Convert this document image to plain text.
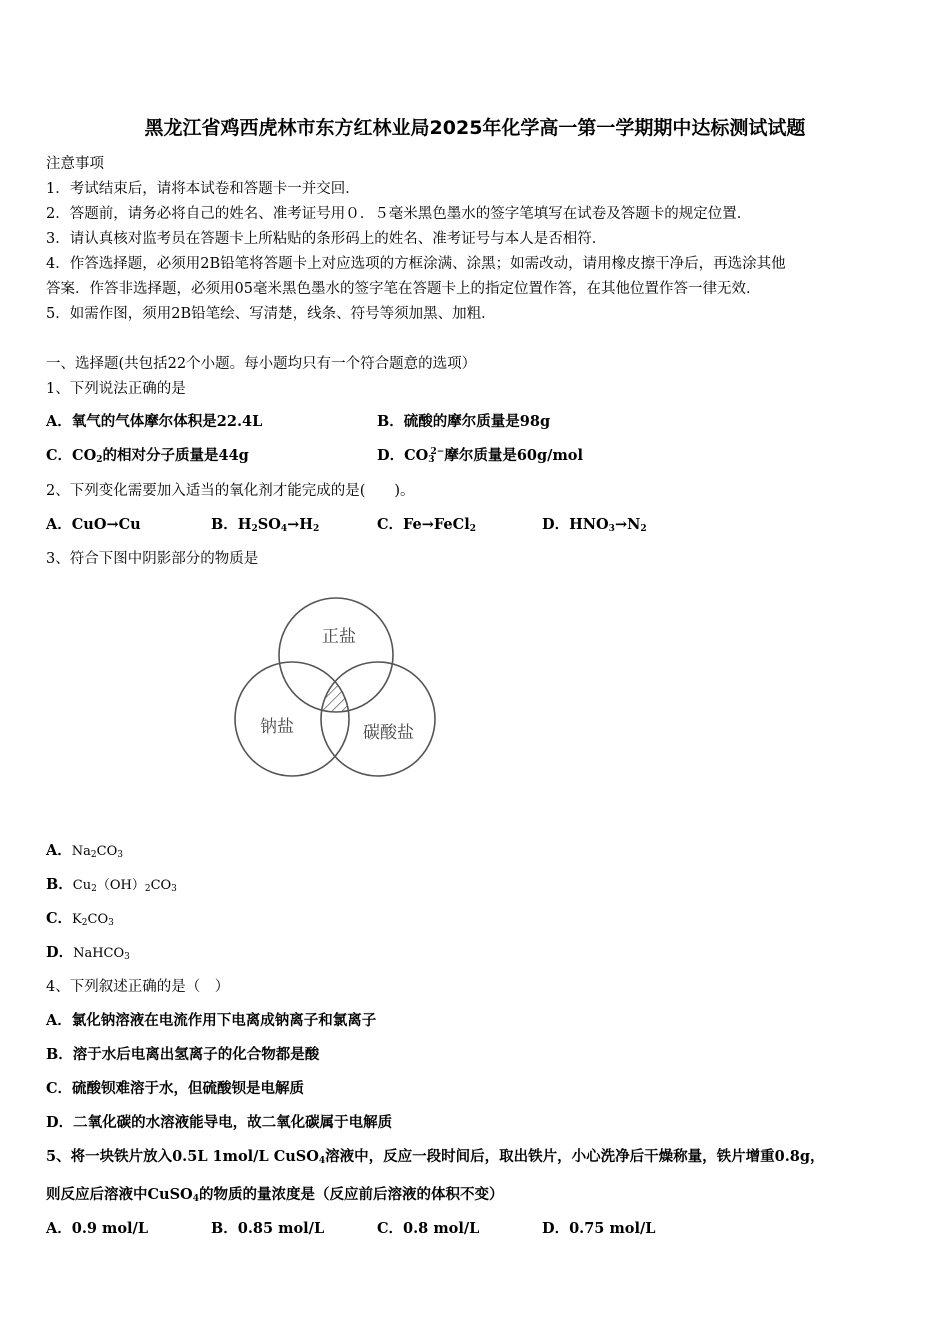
黑龙江省鸡西虎林市东方红林业局2025年化学高一第一学期期中达标测试试题
注意事项
1．考试结束后，请将本试卷和答题卡一并交回．
2．答题前，请务必将自己的姓名、准考证号用０．５毫米黑色墨水的签字笔填写在试卷及答题卡的规定位置．
3．请认真核对监考员在答题卡上所粘贴的条形码上的姓名、准考证号与本人是否相符．
4．作答选择题，必须用2B铅笔将答题卡上对应选项的方框涂满、涂黑；如需改动，请用橡皮擦干净后，再选涂其他
答案．作答非选择题，必须用05毫米黑色墨水的签字笔在答题卡上的指定位置作答，在其他位置作答一律无效．
5．如需作图，须用2B铅笔绘、写清楚，线条、符号等须加黑、加粗．
一、选择题(共包括22个小题。每小题均只有一个符合题意的选项）
1、下列说法正确的是
A．氧气的气体摩尔体积是22.4L	B．硫酸的摩尔质量是98g
C．$CO_2$的相对分子质量是44g	D．$CO_3^{2-}$摩尔质量是60g/mol
2、下列变化需要加入适当的氧化剂才能完成的是(　　)。
A．CuO→Cu	B．$H_2SO_4\to H_2$	C．Fe→FeCl$_2$	D．$HNO_3\to N_2$
3、符合下图中阴影部分的物质是
正盐
钠盐	碳酸盐
A．$Na_2CO_3$
B．$Cu_2(OH)_2CO_3$
C．$K_2CO_3$
D．NaHCO$_3$
4、下列叙述正确的是（　）
A．氯化钠溶液在电流作用下电离成钠离子和氯离子
B．溶于水后电离出氢离子的化合物都是酸
C．硫酸钡难溶于水，但硫酸钡是电解质
D．二氧化碳的水溶液能导电，故二氧化碳属于电解质
5、将一块铁片放入0.5L 1mol/L CuSO$_4$溶液中，反应一段时间后，取出铁片，小心洗净后干燥称量，铁片增重0.8g，
则反应后溶液中CuSO$_4$的物质的量浓度是（反应前后溶液的体积不变）
A．0.9 mol/L	B．0.85 mol/L	C．0.8 mol/L	D．0.75 mol/L
